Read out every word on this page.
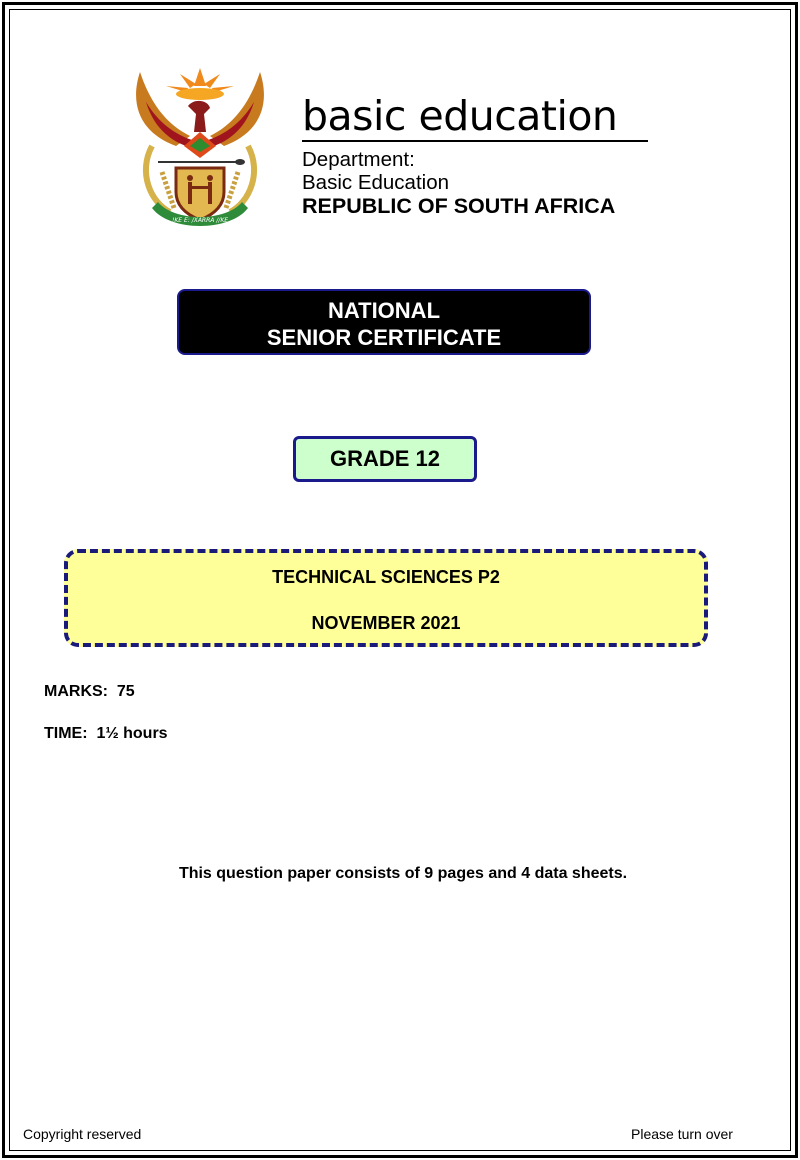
!KE E: /XARRA //KE
basic education
Department:
Basic Education
REPUBLIC OF SOUTH AFRICA
NATIONAL
SENIOR CERTIFICATE
GRADE 12
TECHNICAL SCIENCES P2
NOVEMBER 2021
MARKS: 75
TIME: 1½ hours
This question paper consists of 9 pages and 4 data sheets.
Copyright reserved	Please turn over
